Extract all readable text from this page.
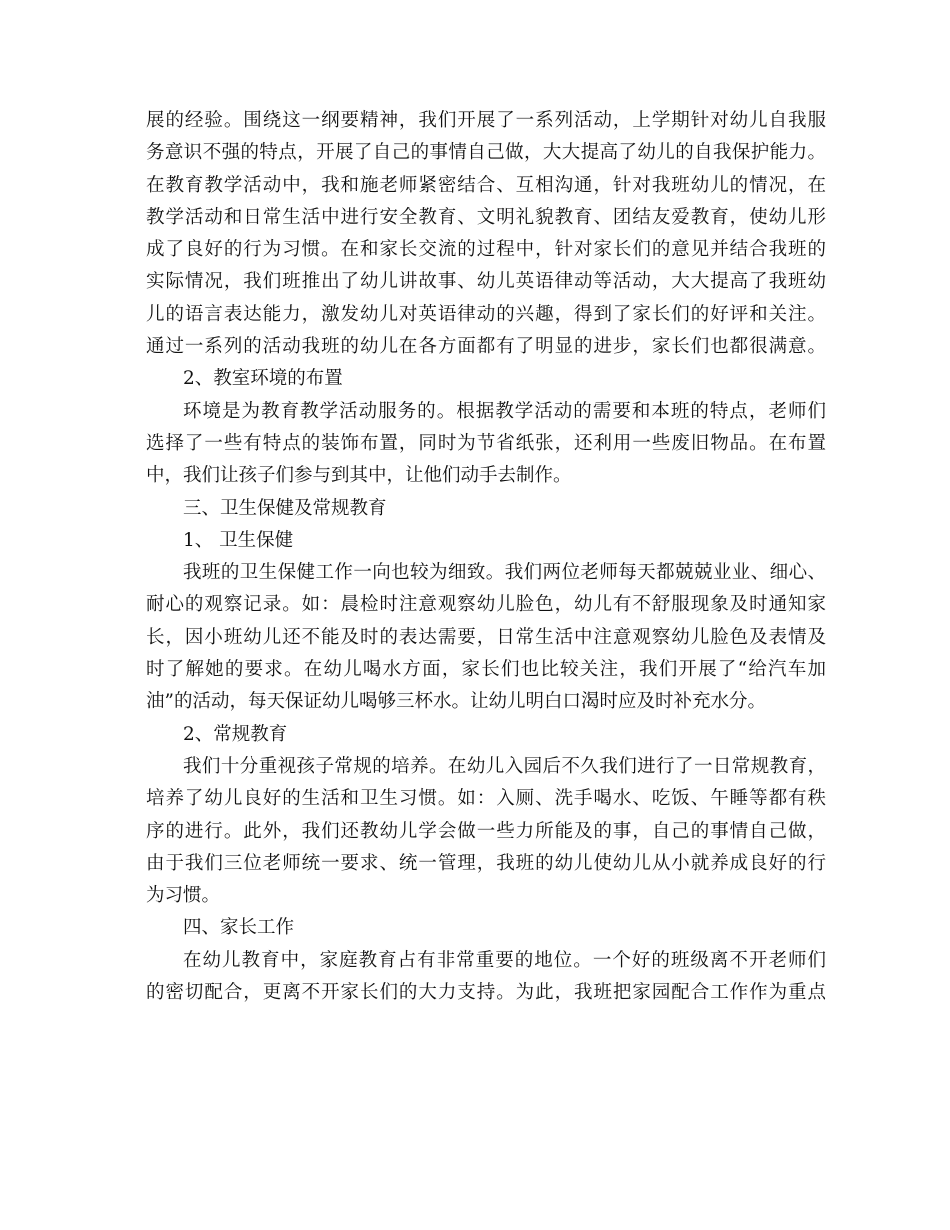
展的经验。围绕这一纲要精神，我们开展了一系列活动，上学期针对幼儿自我服
务意识不强的特点，开展了自己的事情自己做，大大提高了幼儿的自我保护能力。
在教育教学活动中，我和施老师紧密结合、互相沟通，针对我班幼儿的情况，在
教学活动和日常生活中进行安全教育、文明礼貌教育、团结友爱教育，使幼儿形
成了良好的行为习惯。在和家长交流的过程中，针对家长们的意见并结合我班的
实际情况，我们班推出了幼儿讲故事、幼儿英语律动等活动，大大提高了我班幼
儿的语言表达能力，激发幼儿对英语律动的兴趣，得到了家长们的好评和关注。
通过一系列的活动我班的幼儿在各方面都有了明显的进步，家长们也都很满意。
2、教室环境的布置
环境是为教育教学活动服务的。根据教学活动的需要和本班的特点，老师们
选择了一些有特点的装饰布置，同时为节省纸张，还利用一些废旧物品。在布置
中，我们让孩子们参与到其中，让他们动手去制作。
三、卫生保健及常规教育
1、 卫生保健
我班的卫生保健工作一向也较为细致。我们两位老师每天都兢兢业业、细心、
耐心的观察记录。如：晨检时注意观察幼儿脸色，幼儿有不舒服现象及时通知家
长，因小班幼儿还不能及时的表达需要，日常生活中注意观察幼儿脸色及表情及
时了解她的要求。在幼儿喝水方面，家长们也比较关注，我们开展了“给汽车加
油”的活动，每天保证幼儿喝够三杯水。让幼儿明白口渴时应及时补充水分。
2、常规教育
我们十分重视孩子常规的培养。在幼儿入园后不久我们进行了一日常规教育，
培养了幼儿良好的生活和卫生习惯。如：入厕、洗手喝水、吃饭、午睡等都有秩
序的进行。此外，我们还教幼儿学会做一些力所能及的事，自己的事情自己做，
由于我们三位老师统一要求、统一管理，我班的幼儿使幼儿从小就养成良好的行
为习惯。
四、家长工作
在幼儿教育中，家庭教育占有非常重要的地位。一个好的班级离不开老师们
的密切配合，更离不开家长们的大力支持。为此，我班把家园配合工作作为重点
